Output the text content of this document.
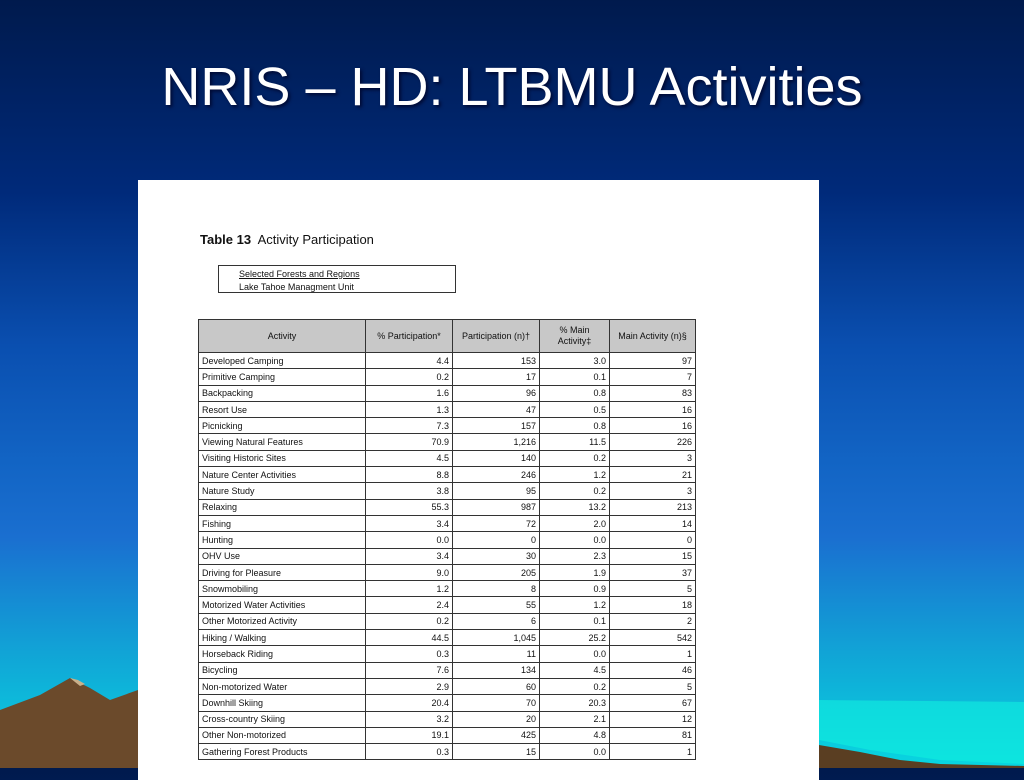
NRIS – HD: LTBMU Activities
Table 13 Activity Participation
Selected Forests and Regions
Lake Tahoe Managment Unit
Activity	% Participation*	Participation (n)†	% Main Activity‡	Main Activity (n)§
Developed Camping	4.4	153	3.0	97
Primitive Camping	0.2	17	0.1	7
Backpacking	1.6	96	0.8	83
Resort Use	1.3	47	0.5	16
Picnicking	7.3	157	0.8	16
Viewing Natural Features	70.9	1,216	11.5	226
Visiting Historic Sites	4.5	140	0.2	3
Nature Center Activities	8.8	246	1.2	21
Nature Study	3.8	95	0.2	3
Relaxing	55.3	987	13.2	213
Fishing	3.4	72	2.0	14
Hunting	0.0	0	0.0	0
OHV Use	3.4	30	2.3	15
Driving for Pleasure	9.0	205	1.9	37
Snowmobiling	1.2	8	0.9	5
Motorized Water Activities	2.4	55	1.2	18
Other Motorized Activity	0.2	6	0.1	2
Hiking / Walking	44.5	1,045	25.2	542
Horseback Riding	0.3	11	0.0	1
Bicycling	7.6	134	4.5	46
Non-motorized Water	2.9	60	0.2	5
Downhill Skiing	20.4	70	20.3	67
Cross-country Skiing	3.2	20	2.1	12
Other Non-motorized	19.1	425	4.8	81
Gathering Forest Products	0.3	15	0.0	1
